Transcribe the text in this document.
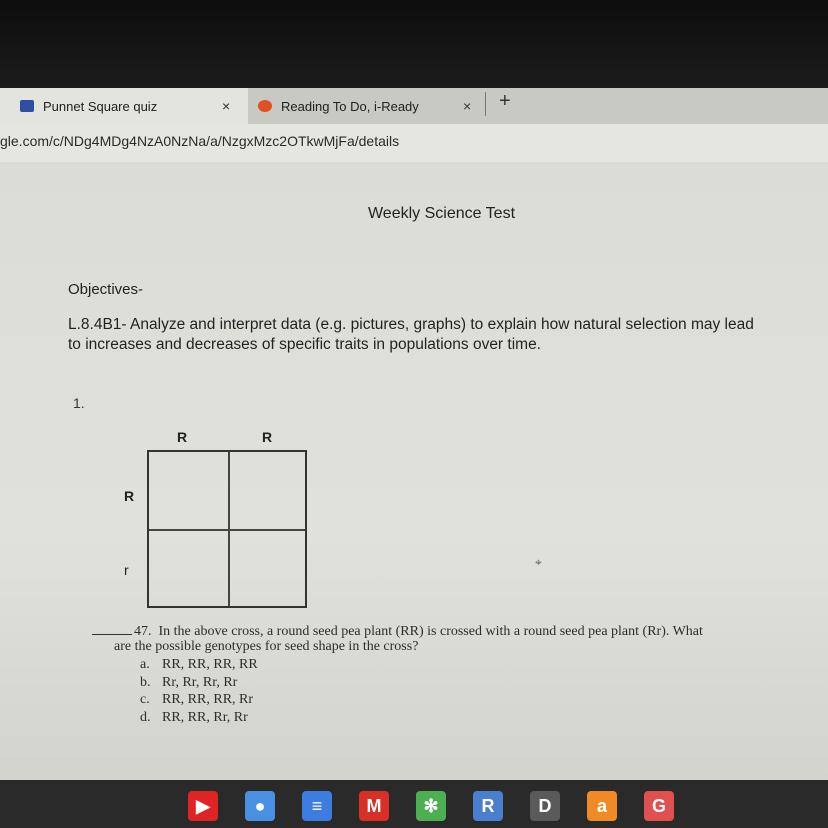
Punnet Square quiz	×	Reading To Do, i-Ready	× +
gle.com/c/NDg4MDg4NzA0NzNa/a/NzgxMzc2OTkwMjFa/details
Weekly Science Test
Objectives-
L.8.4B1- Analyze and interpret data (e.g. pictures, graphs) to explain how natural selection may lead
to increases and decreases of specific traits in populations over time.
1.
R	R
R
r	⌖
47. In the above cross, a round seed pea plant (RR) is crossed with a round seed pea plant (Rr). What
are the possible genotypes for seed shape in the cross?
a. RR, RR, RR, RR
b. Rr, Rr, Rr, Rr
c. RR, RR, RR, Rr
d. RR, RR, Rr, Rr
▶	●	≡	M	✻	R	D	a	G
